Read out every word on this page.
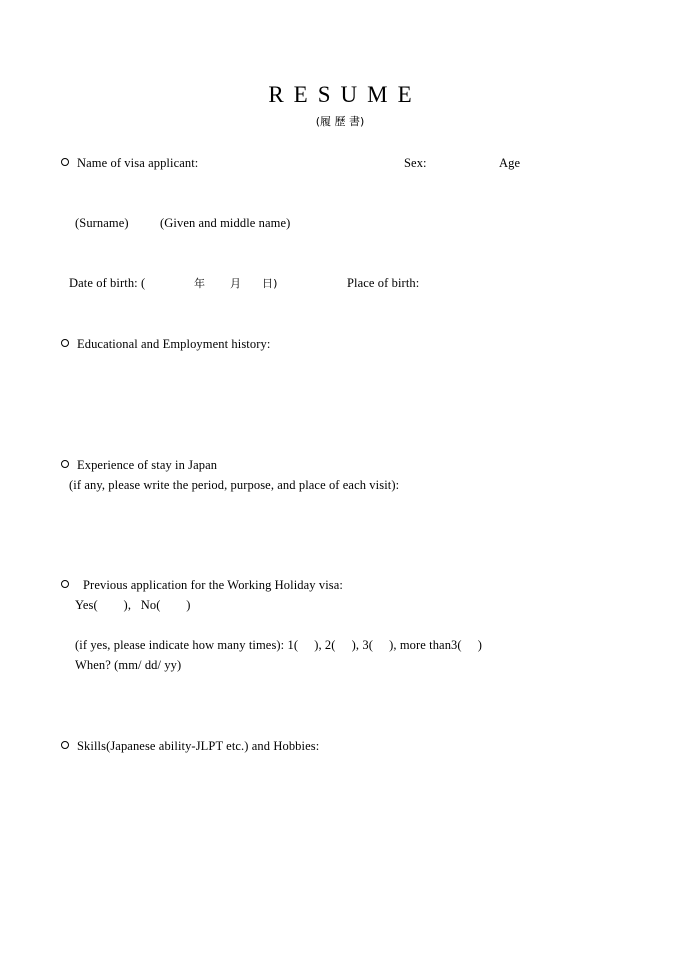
RESUME
(履 歷 書)
Name of visa applicant:	Sex:	Age
(Surname)	(Given and middle name)
Date of birth: (	年 月 日)	Place of birth:
Educational and Employment history:
Experience of stay in Japan
(if any, please write the period, purpose, and place of each visit):
Previous application for the Working Holiday visa:
Yes(        ),   No(        )
(if yes, please indicate how many times): 1(     ), 2(     ), 3(     ), more than3(     )
When? (mm/ dd/ yy)
Skills(Japanese ability-JLPT etc.) and Hobbies:
